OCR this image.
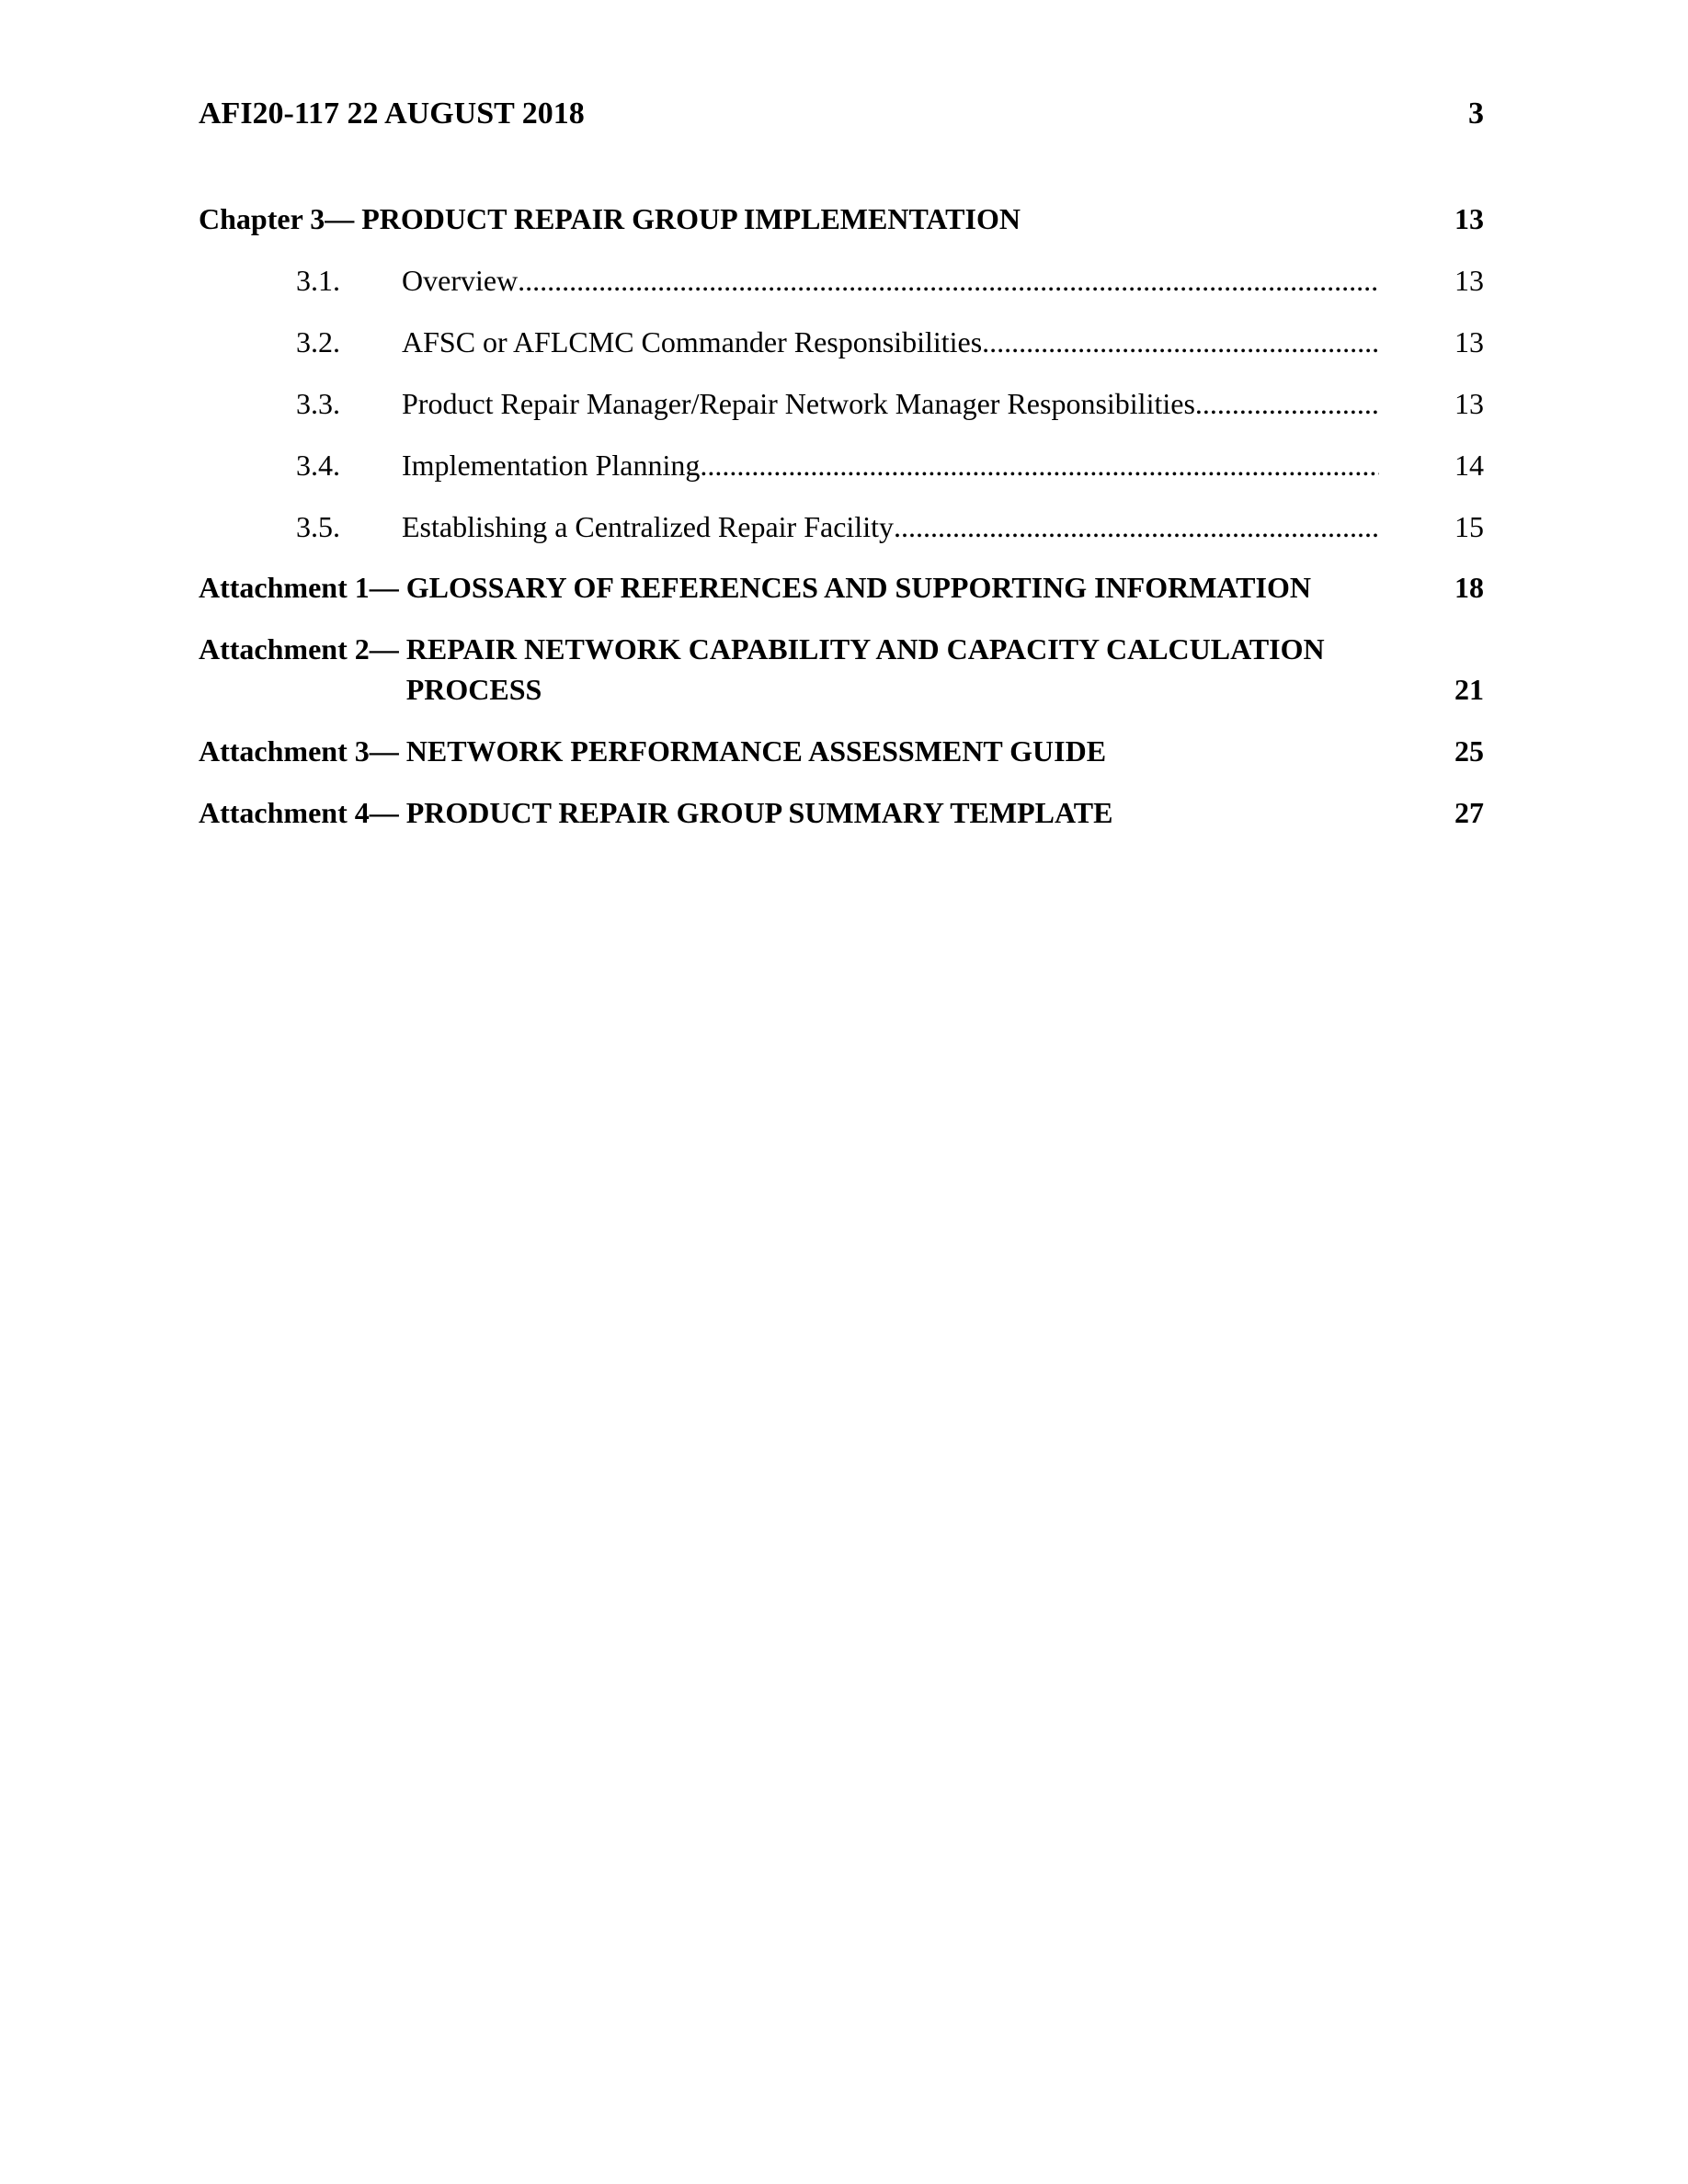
AFI20-117 22 AUGUST 2018	3
Chapter 3— PRODUCT REPAIR GROUP IMPLEMENTATION	13
3.1.	Overview .....	13
3.2.	AFSC or AFLCMC Commander Responsibilities .....	13
3.3.	Product Repair Manager/Repair Network Manager Responsibilities .....	13
3.4.	Implementation Planning .....	14
3.5.	Establishing a Centralized Repair Facility .....	15
Attachment 1— GLOSSARY OF REFERENCES AND SUPPORTING INFORMATION	18
Attachment 2— REPAIR NETWORK CAPABILITY AND CAPACITY CALCULATION PROCESS	21
Attachment 3— NETWORK PERFORMANCE ASSESSMENT GUIDE	25
Attachment 4— PRODUCT REPAIR GROUP SUMMARY TEMPLATE	27
